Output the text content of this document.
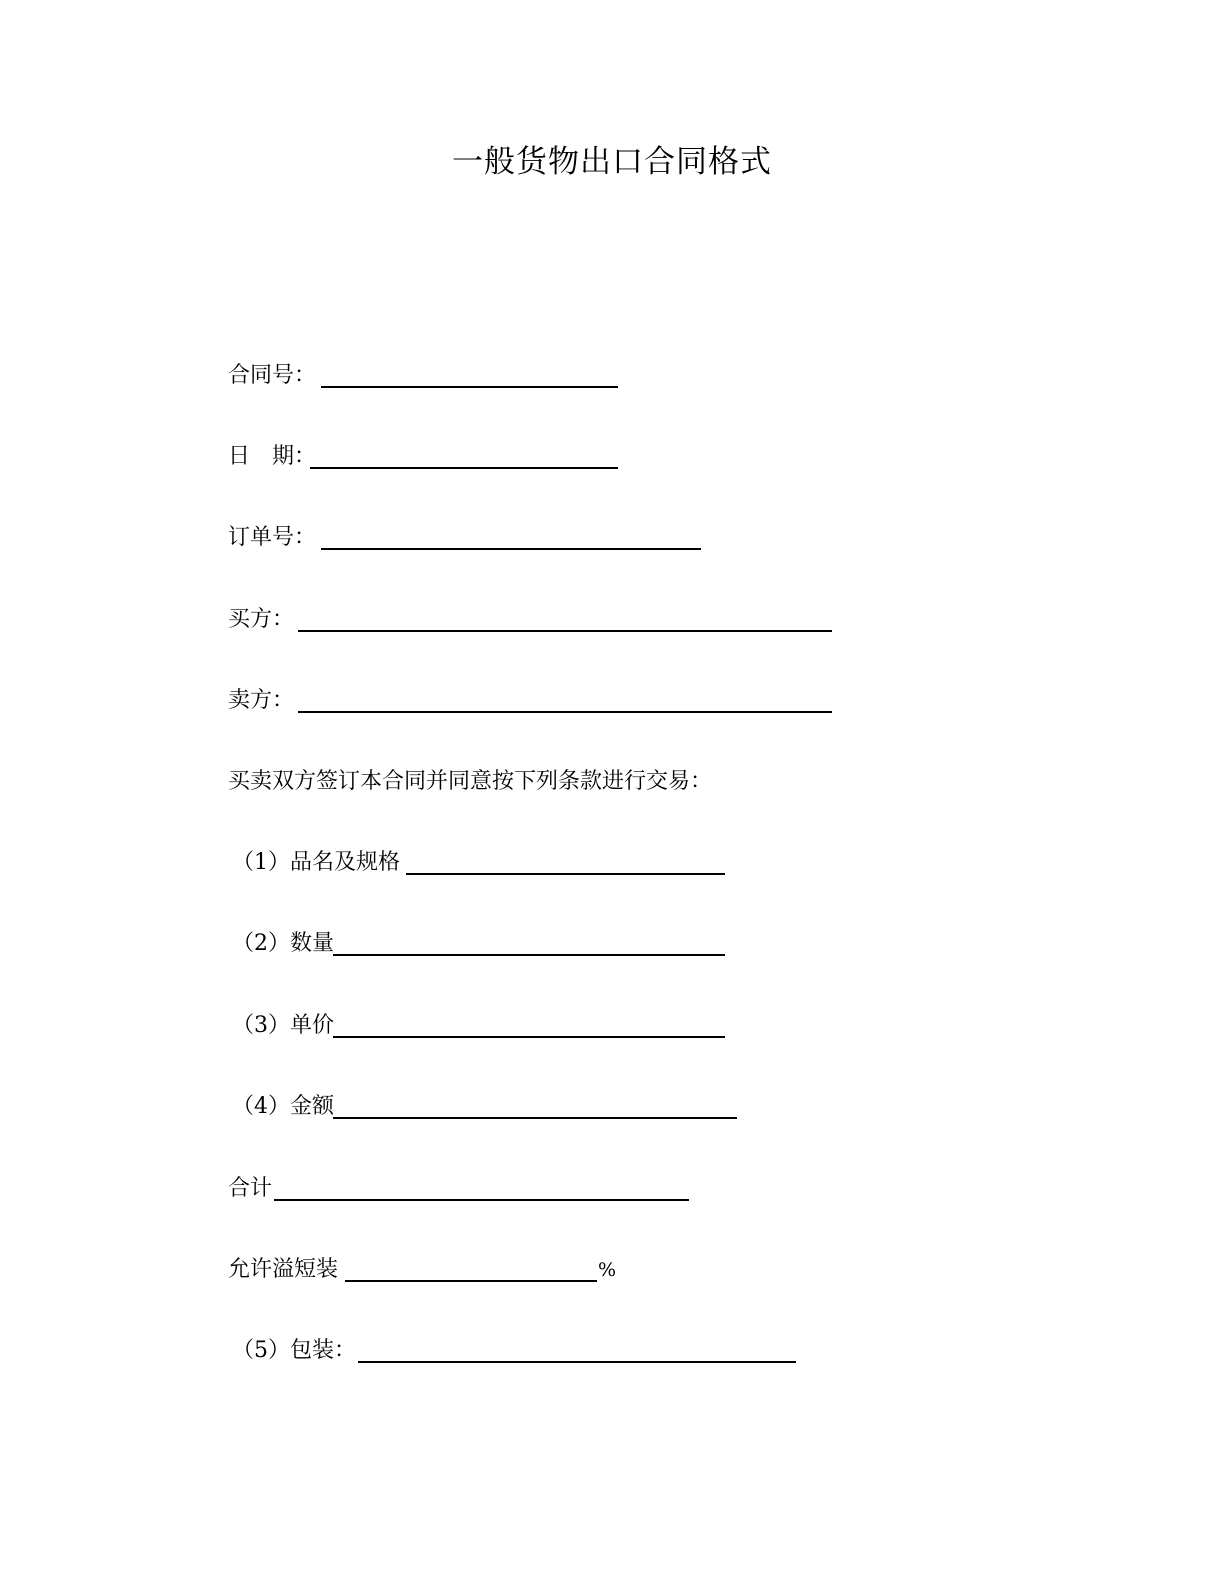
一般货物出口合同格式
合同号：
日　期：
订单号：
买方：
卖方：
买卖双方签订本合同并同意按下列条款进行交易：
（1）品名及规格
（2）数量
（3）单价
（4）金额
合计
允许溢短装	%
（5）包装：
